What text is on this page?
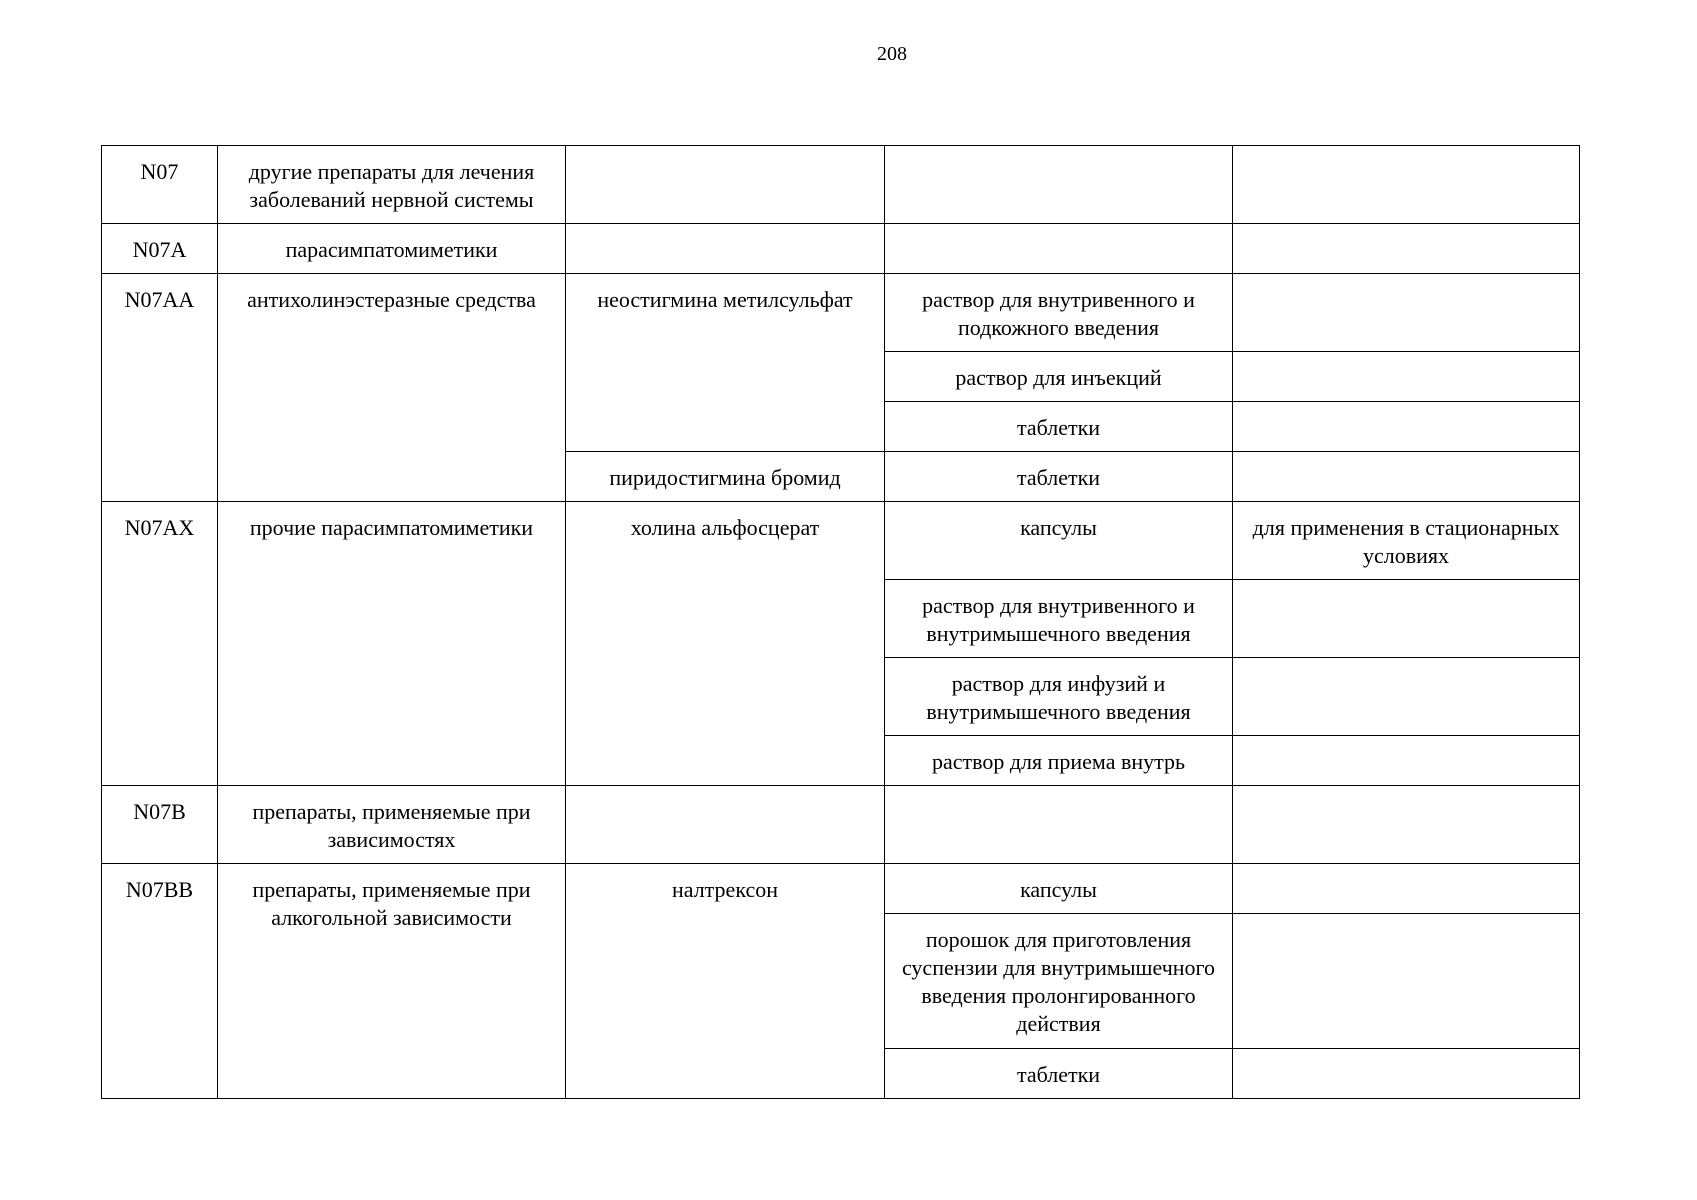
208
N07	другие препараты для лечения заболеваний нервной системы			
N07A	парасимпатомиметики			
N07AA	антихолинэстеразные средства	неостигмина метилсульфат	раствор для внутривенного и подкожного введения	
			раствор для инъекций	
			таблетки	
		пиридостигмина бромид	таблетки	
N07AX	прочие парасимпатомиметики	холина альфосцерат	капсулы	для применения в стационарных условиях
			раствор для внутривенного и внутримышечного введения	
			раствор для инфузий и внутримышечного введения	
			раствор для приема внутрь	
N07B	препараты, применяемые при зависимостях			
N07BB	препараты, применяемые при алкогольной зависимости	налтрексон	капсулы	
			порошок для приготовления суспензии для внутримышечного введения пролонгированного действия	
			таблетки	
